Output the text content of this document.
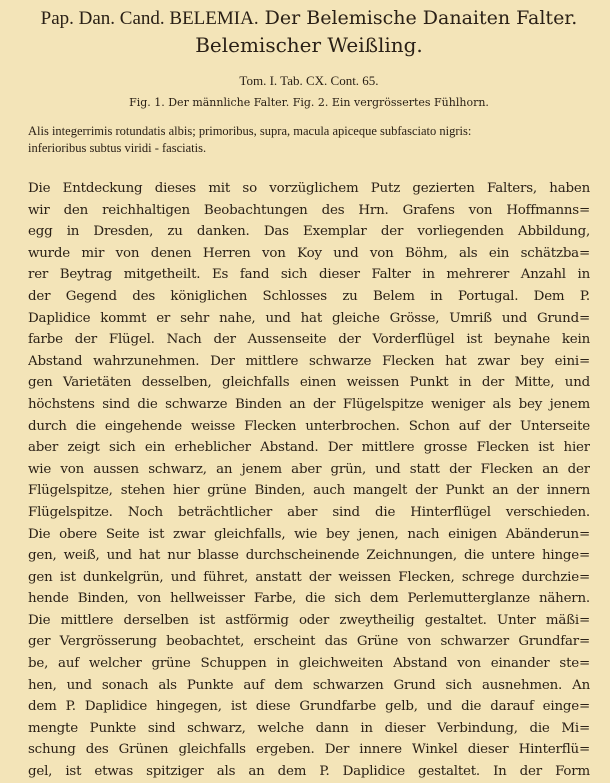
Pap. Dan. Cand. BELEMIA. Der Belemische Danaiten Falter.
Belemischer Weißling.
Tom. I. Tab. CX. Cont. 65.
Fig. 1. Der männliche Falter. Fig. 2. Ein vergrössertes Fühlhorn.
Alis integerrimis rotundatis albis; primoribus, supra, macula apiceque subfasciato nigris:
inferioribus subtus viridi - fasciatis.
Die Entdeckung dieses mit so vorzüglichem Putz gezierten Falters, haben
wir den reichhaltigen Beobachtungen des Hrn. Grafens von Hoffmanns=
egg in Dresden, zu danken. Das Exemplar der vorliegenden Abbildung,
wurde mir von denen Herren von Koy und von Böhm, als ein schätzba=
rer Beytrag mitgetheilt. Es fand sich dieser Falter in mehrerer Anzahl in
der Gegend des königlichen Schlosses zu Belem in Portugal. Dem P.
Daplidice kommt er sehr nahe, und hat gleiche Grösse, Umriß und Grund=
farbe der Flügel. Nach der Aussenseite der Vorderflügel ist beynahe kein
Abstand wahrzunehmen. Der mittlere schwarze Flecken hat zwar bey eini=
gen Varietäten desselben, gleichfalls einen weissen Punkt in der Mitte, und
höchstens sind die schwarze Binden an der Flügelspitze weniger als bey jenem
durch die eingehende weisse Flecken unterbrochen. Schon auf der Unterseite
aber zeigt sich ein erheblicher Abstand. Der mittlere grosse Flecken ist hier
wie von aussen schwarz, an jenem aber grün, und statt der Flecken an der
Flügelspitze, stehen hier grüne Binden, auch mangelt der Punkt an der innern
Flügelspitze. Noch beträchtlicher aber sind die Hinterflügel verschieden.
Die obere Seite ist zwar gleichfalls, wie bey jenen, nach einigen Abänderun=
gen, weiß, und hat nur blasse durchscheinende Zeichnungen, die untere hinge=
gen ist dunkelgrün, und führet, anstatt der weissen Flecken, schrege durchzie=
hende Binden, von hellweisser Farbe, die sich dem Perlemutterglanze nähern.
Die mittlere derselben ist astförmig oder zweytheilig gestaltet. Unter mäßi=
ger Vergrösserung beobachtet, erscheint das Grüne von schwarzer Grundfar=
be, auf welcher grüne Schuppen in gleichweiten Abstand von einander ste=
hen, und sonach als Punkte auf dem schwarzen Grund sich ausnehmen. An
dem P. Daplidice hingegen, ist diese Grundfarbe gelb, und die darauf einge=
mengte Punkte sind schwarz, welche dann in dieser Verbindung, die Mi=
schung des Grünen gleichfalls ergeben. Der innere Winkel dieser Hinterflü=
gel, ist etwas spitziger als an dem P. Daplidice gestaltet. In der Form
